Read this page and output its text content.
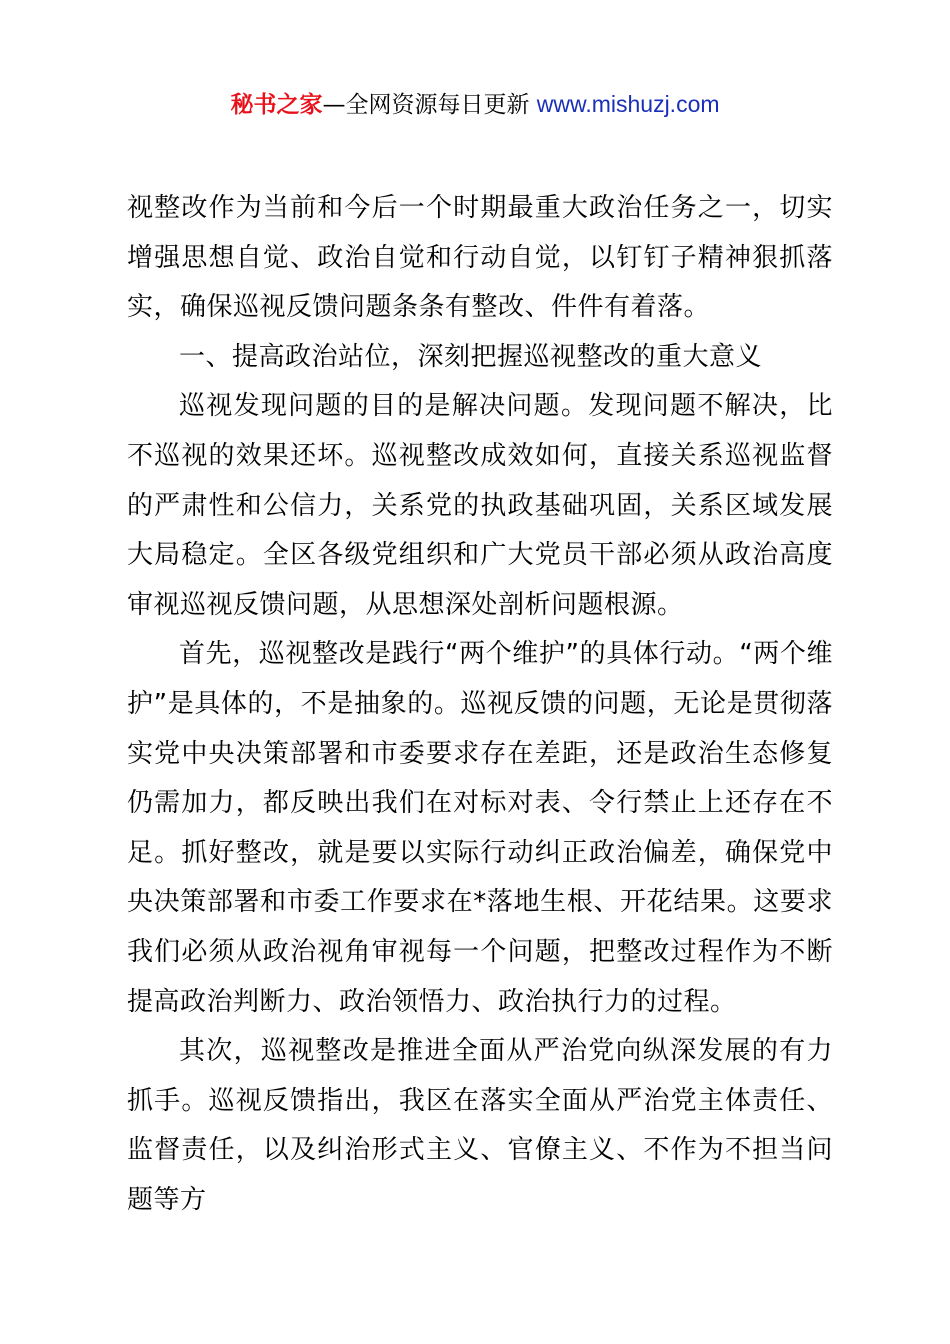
秘书之家—全网资源每日更新 www.mishuzj.com

视整改作为当前和今后一个时期最重大政治任务之一，切实增强思想自觉、政治自觉和行动自觉，以钉钉子精神狠抓落实，确保巡视反馈问题条条有整改、件件有着落。

一、提高政治站位，深刻把握巡视整改的重大意义

巡视发现问题的目的是解决问题。发现问题不解决，比不巡视的效果还坏。巡视整改成效如何，直接关系巡视监督的严肃性和公信力，关系党的执政基础巩固，关系区域发展大局稳定。全区各级党组织和广大党员干部必须从政治高度审视巡视反馈问题，从思想深处剖析问题根源。

首先，巡视整改是践行“两个维护”的具体行动。“两个维护”是具体的，不是抽象的。巡视反馈的问题，无论是贯彻落实党中央决策部署和市委要求存在差距，还是政治生态修复仍需加力，都反映出我们在对标对表、令行禁止上还存在不足。抓好整改，就是要以实际行动纠正政治偏差，确保党中央决策部署和市委工作要求在*落地生根、开花结果。这要求我们必须从政治视角审视每一个问题，把整改过程作为不断提高政治判断力、政治领悟力、政治执行力的过程。

其次，巡视整改是推进全面从严治党向纵深发展的有力抓手。巡视反馈指出，我区在落实全面从严治党主体责任、监督责任，以及纠治形式主义、官僚主义、不作为不担当问题等方
